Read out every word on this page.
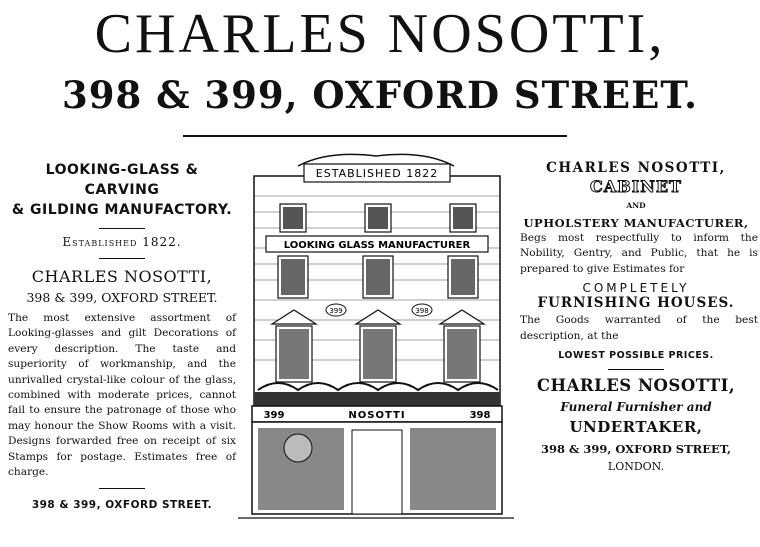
CHARLES NOSOTTI,
398 & 399, OXFORD STREET.
LOOKING-GLASS & CARVING
& GILDING MANUFACTORY.
Established 1822.
CHARLES NOSOTTI,
398 & 399, OXFORD STREET.
The most extensive assortment of Looking-glasses and gilt Decorations of every description. The taste and superiority of workmanship, and the unrivalled crystal-like colour of the glass, combined with moderate prices, cannot fail to ensure the patronage of those who may honour the Show Rooms with a visit. Designs forwarded free on receipt of six Stamps for postage. Estimates free of charge.
398 & 399, OXFORD STREET.
ESTABLISHED 1822
LOOKING GLASS MANUFACTURER
399	398
399	NOSOTTI	398

CHARLES NOSOTTI,

CABINET

AND

UPHOLSTERY MANUFACTURER,

Begs most respectfully to inform the Nobility, Gentry, and Public, that he is prepared to give Estimates for

COMPLETELY

FURNISHING HOUSES.

The Goods warranted of the best description, at the

LOWEST POSSIBLE PRICES.

CHARLES NOSOTTI,

Funeral Furnisher and

UNDERTAKER,

398 & 399, OXFORD STREET,

LONDON.
